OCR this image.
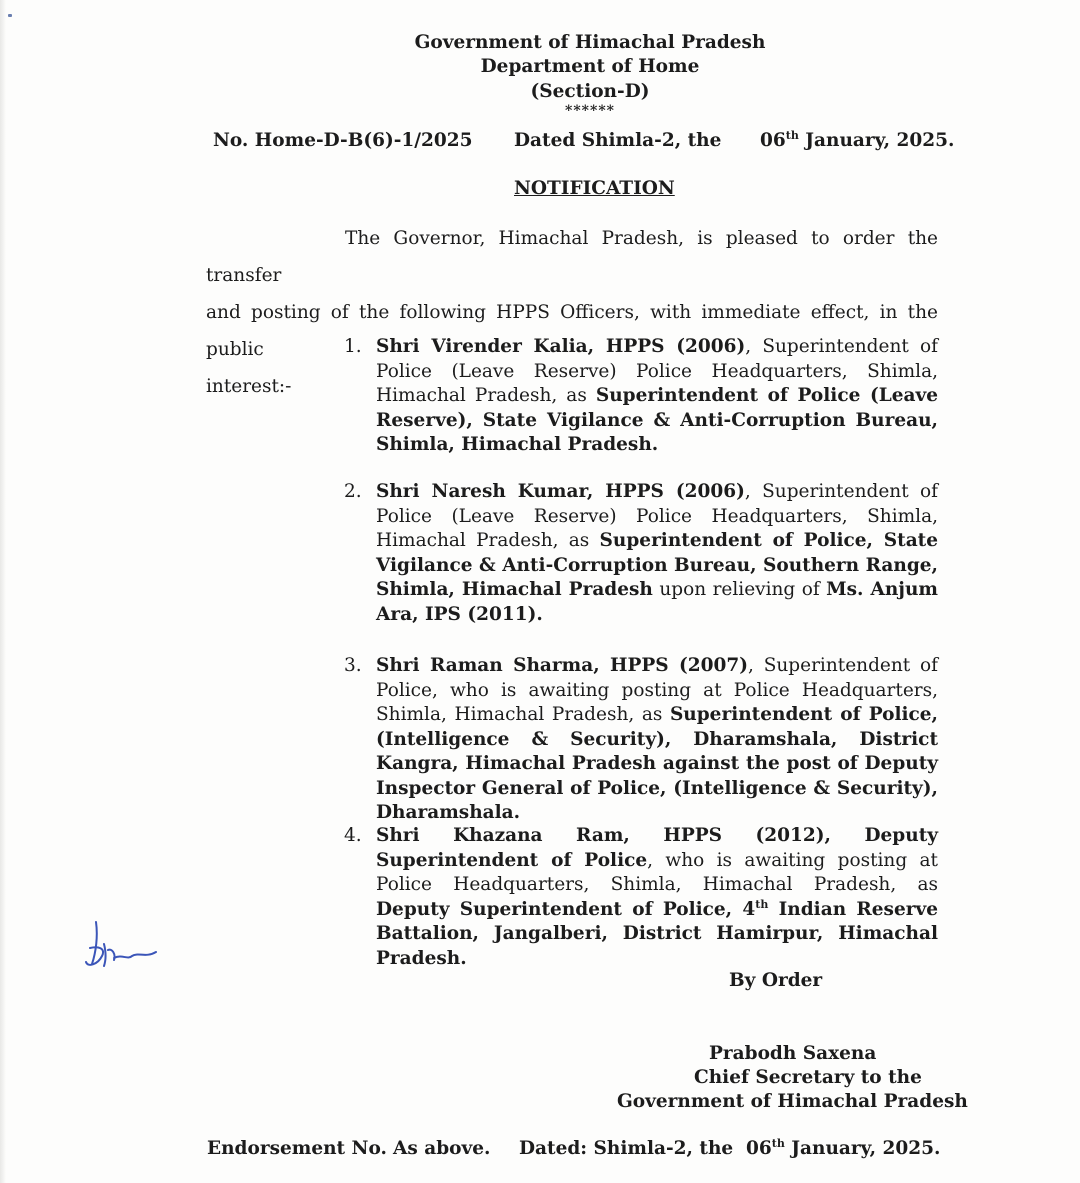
Government of Himachal Pradesh
Department of Home
(Section-D)
******
No. Home-D-B(6)-1/2025 Dated Shimla-2, the 06th January, 2025.
NOTIFICATION
The Governor, Himachal Pradesh, is pleased to order the transfer
and posting of the following HPPS Officers, with immediate effect, in the public
interest:-
1. Shri Virender Kalia, HPPS (2006), Superintendent of Police (Leave Reserve) Police Headquarters, Shimla, Himachal Pradesh, as Superintendent of Police (Leave Reserve), State Vigilance & Anti-Corruption Bureau, Shimla, Himachal Pradesh.
2. Shri Naresh Kumar, HPPS (2006), Superintendent of Police (Leave Reserve) Police Headquarters, Shimla, Himachal Pradesh, as Superintendent of Police, State Vigilance & Anti-Corruption Bureau, Southern Range, Shimla, Himachal Pradesh upon relieving of Ms. Anjum Ara, IPS (2011).
3. Shri Raman Sharma, HPPS (2007), Superintendent of Police, who is awaiting posting at Police Headquarters, Shimla, Himachal Pradesh, as Superintendent of Police, (Intelligence & Security), Dharamshala, District Kangra, Himachal Pradesh against the post of Deputy Inspector General of Police, (Intelligence & Security), Dharamshala.
4. Shri Khazana Ram, HPPS (2012), Deputy Superintendent of Police, who is awaiting posting at Police Headquarters, Shimla, Himachal Pradesh, as Deputy Superintendent of Police, 4th Indian Reserve Battalion, Jangalberi, District Hamirpur, Himachal Pradesh.
By Order
Prabodh Saxena
Chief Secretary to the
Government of Himachal Pradesh
Endorsement No. As above. Dated: Shimla-2, the 06th January, 2025.
